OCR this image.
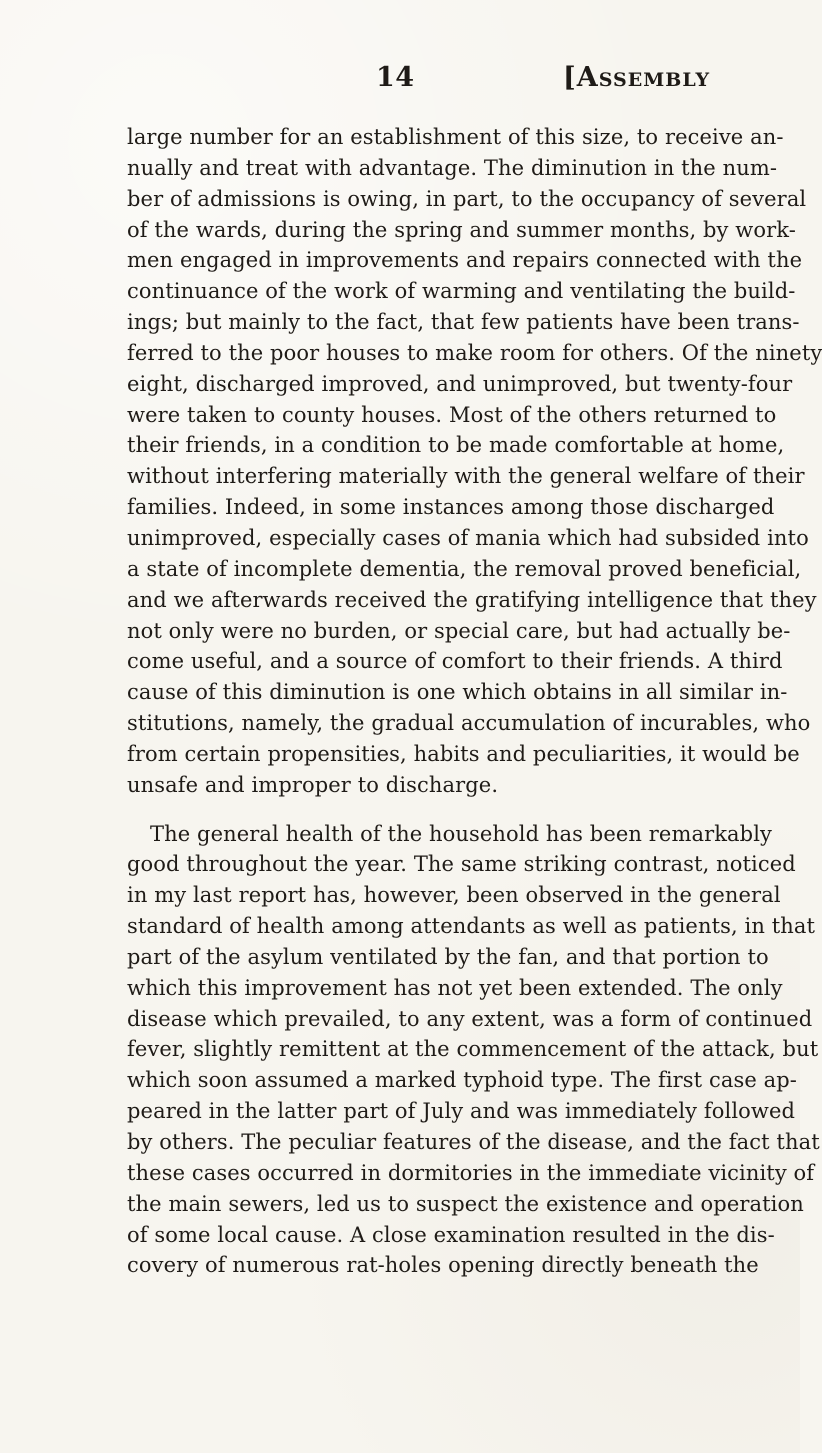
14	[Assembly
large number for an establishment of this size, to receive an-
nually and treat with advantage. The diminution in the num-
ber of admissions is owing, in part, to the occupancy of several
of the wards, during the spring and summer months, by work-
men engaged in improvements and repairs connected with the
continuance of the work of warming and ventilating the build-
ings; but mainly to the fact, that few patients have been trans-
ferred to the poor houses to make room for others. Of the ninety
eight, discharged improved, and unimproved, but twenty-four
were taken to county houses. Most of the others returned to
their friends, in a condition to be made comfortable at home,
without interfering materially with the general welfare of their
families. Indeed, in some instances among those discharged
unimproved, especially cases of mania which had subsided into
a state of incomplete dementia, the removal proved beneficial,
and we afterwards received the gratifying intelligence that they
not only were no burden, or special care, but had actually be-
come useful, and a source of comfort to their friends. A third
cause of this diminution is one which obtains in all similar in-
stitutions, namely, the gradual accumulation of incurables, who
from certain propensities, habits and peculiarities, it would be
unsafe and improper to discharge.
The general health of the household has been remarkably
good throughout the year. The same striking contrast, noticed
in my last report has, however, been observed in the general
standard of health among attendants as well as patients, in that
part of the asylum ventilated by the fan, and that portion to
which this improvement has not yet been extended. The only
disease which prevailed, to any extent, was a form of continued
fever, slightly remittent at the commencement of the attack, but
which soon assumed a marked typhoid type. The first case ap-
peared in the latter part of July and was immediately followed
by others. The peculiar features of the disease, and the fact that
these cases occurred in dormitories in the immediate vicinity of
the main sewers, led us to suspect the existence and operation
of some local cause. A close examination resulted in the dis-
covery of numerous rat-holes opening directly beneath the
